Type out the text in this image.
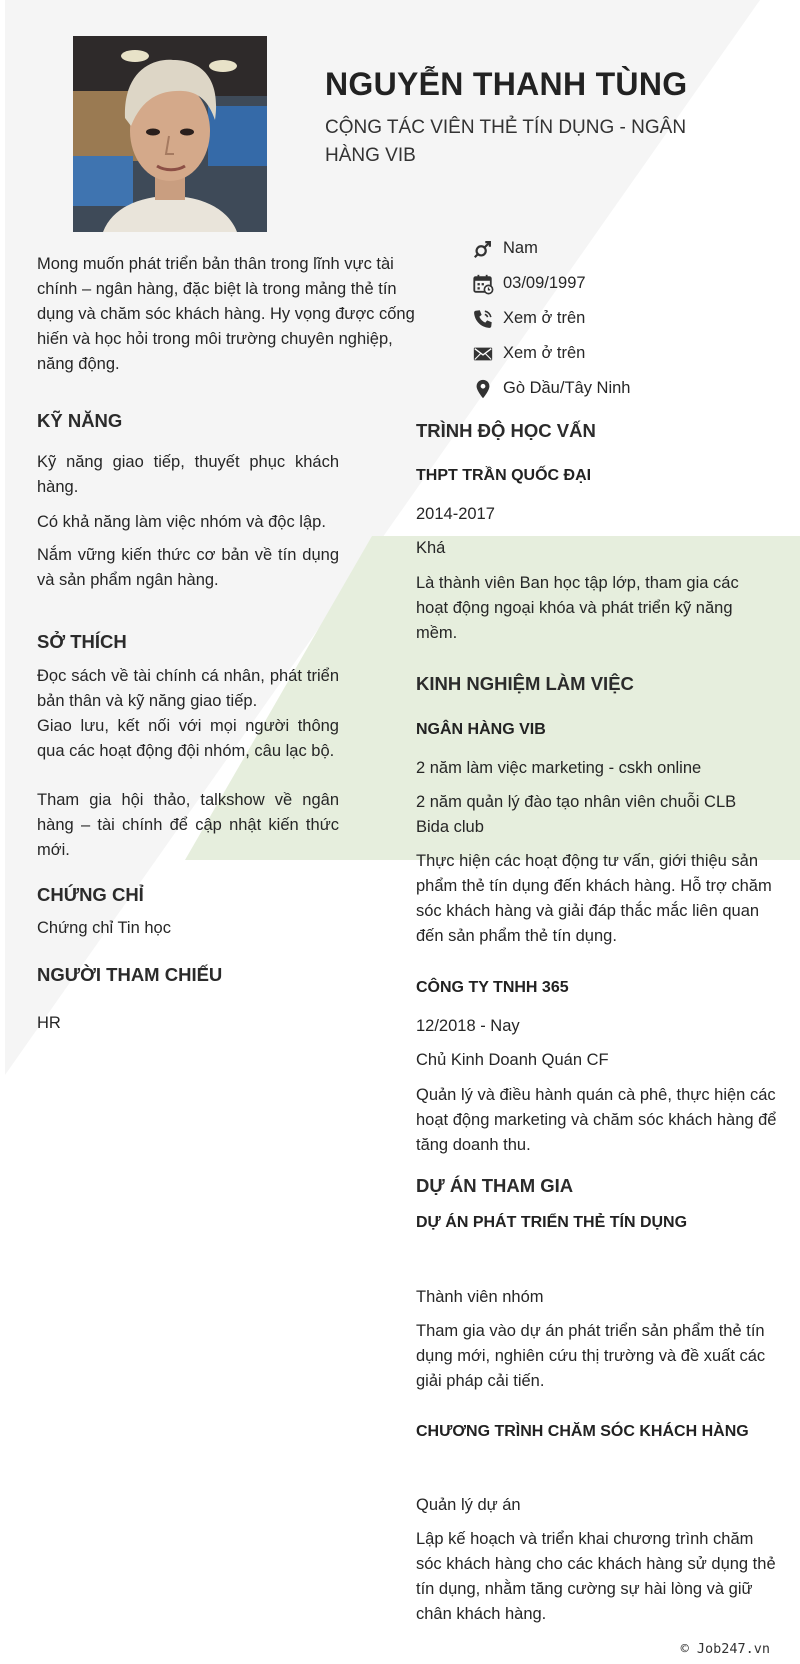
NGUYỄN THANH TÙNG
CỘNG TÁC VIÊN THẺ TÍN DỤNG - NGÂN HÀNG VIB
Mong muốn phát triển bản thân trong lĩnh vực tài chính – ngân hàng, đặc biệt là trong mảng thẻ tín dụng và chăm sóc khách hàng. Hy vọng được cống hiến và học hỏi trong môi trường chuyên nghiệp, năng động.
Nam
03/09/1997
Xem ở trên
Xem ở trên
Gò Dầu/Tây Ninh
KỸ NĂNG
Kỹ năng giao tiếp, thuyết phục khách hàng.
Có khả năng làm việc nhóm và độc lập.
Nắm vững kiến thức cơ bản về tín dụng và sản phẩm ngân hàng.
SỞ THÍCH
Đọc sách về tài chính cá nhân, phát triển bản thân và kỹ năng giao tiếp.
Giao lưu, kết nối với mọi người thông qua các hoạt động đội nhóm, câu lạc bộ.
Tham gia hội thảo, talkshow về ngân hàng – tài chính để cập nhật kiến thức mới.
CHỨNG CHỈ
Chứng chỉ Tin học
NGƯỜI THAM CHIẾU
HR
TRÌNH ĐỘ HỌC VẤN
THPT TRẦN QUỐC ĐẠI
2014-2017
Khá
Là thành viên Ban học tập lớp, tham gia các hoạt động ngoại khóa và phát triển kỹ năng mềm.
KINH NGHIỆM LÀM VIỆC
NGÂN HÀNG VIB
2 năm làm việc marketing - cskh online
2 năm quản lý đào tạo nhân viên chuỗi CLB Bida club
Thực hiện các hoạt động tư vấn, giới thiệu sản phẩm thẻ tín dụng đến khách hàng. Hỗ trợ chăm sóc khách hàng và giải đáp thắc mắc liên quan đến sản phẩm thẻ tín dụng.
CÔNG TY TNHH 365
12/2018 - Nay
Chủ Kinh Doanh Quán CF
Quản lý và điều hành quán cà phê, thực hiện các hoạt động marketing và chăm sóc khách hàng để tăng doanh thu.
DỰ ÁN THAM GIA
DỰ ÁN PHÁT TRIỂN THẺ TÍN DỤNG
Thành viên nhóm
Tham gia vào dự án phát triển sản phẩm thẻ tín dụng mới, nghiên cứu thị trường và đề xuất các giải pháp cải tiến.
CHƯƠNG TRÌNH CHĂM SÓC KHÁCH HÀNG
Quản lý dự án
Lập kế hoạch và triển khai chương trình chăm sóc khách hàng cho các khách hàng sử dụng thẻ tín dụng, nhằm tăng cường sự hài lòng và giữ chân khách hàng.
© Job247.vn
